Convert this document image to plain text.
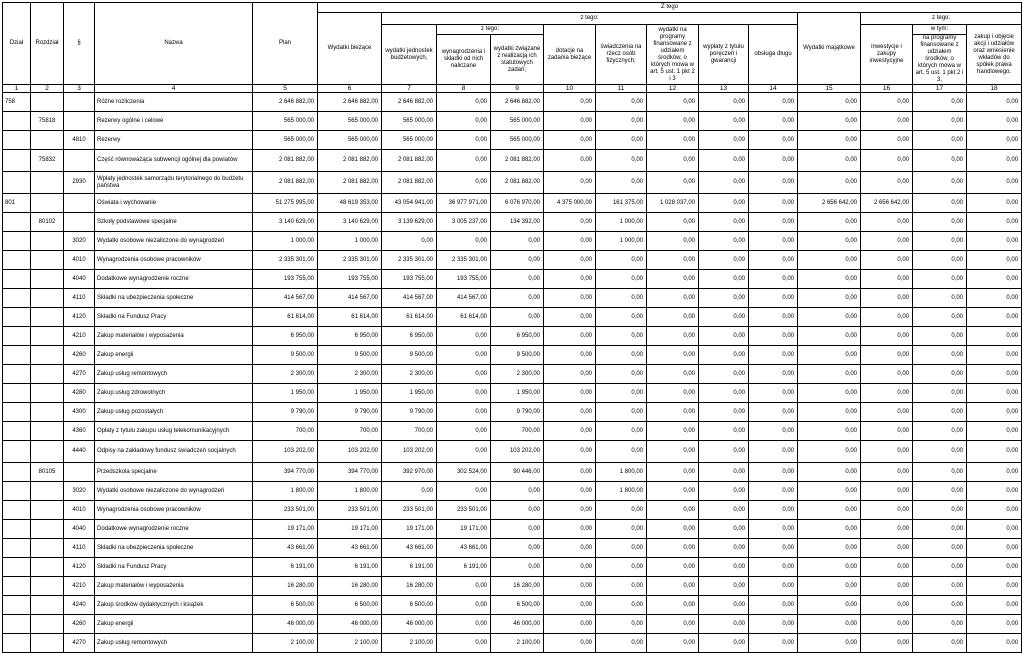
Dział	Rozdział	§	Nazwa	Plan	Z tego												
					Wydatki bieżące	z tego:								Wydatki majątkowe	z tego:		
						wydatki jednostek budżetowych,	z tego:		dotacje na zadania bieżące	świadczenia na rzecz osób fizycznych;	wydatki na programy finansowane z udziałem środków, o których mowa w art. 5 ust. 1 pkt 2 i 3	wypłaty z tytułu poręczeń i gwarancji	obsługa długu		inwestycje i zakupy inwestycyjne	w tym:	zakup i objęcie akcji i udziałów oraz wniesienie wkładów do spółek prawa handlowego.
							wynagrodzenia i składki od nich naliczane	wydatki związane z realizacją ich statutowych zadań;								na programy finansowane z udziałem środków, o których mowa w art. 5 ust. 1 pkt 2 i 3,	

1	2	3	4	5	6	7	8	9	10	11	12	13	14	15	16	17	18
758			Różne rozliczenia	2 646 882,00	2 646 882,00	2 646 882,00	0,00	2 646 882,00	0,00	0,00	0,00	0,00	0,00	0,00	0,00	0,00	0,00
	75818		Rezerwy ogólne i celowe	565 000,00	565 000,00	565 000,00	0,00	565 000,00	0,00	0,00	0,00	0,00	0,00	0,00	0,00	0,00	0,00
		4810	Rezerwy	565 000,00	565 000,00	565 000,00	0,00	565 000,00	0,00	0,00	0,00	0,00	0,00	0,00	0,00	0,00	0,00
	75832		Część równoważąca subwencji ogólnej dla powiatów	2 081 882,00	2 081 882,00	2 081 882,00	0,00	2 081 882,00	0,00	0,00	0,00	0,00	0,00	0,00	0,00	0,00	0,00
		2930	Wpłaty jednostek samorządu terytorialnego do budżetu państwa	2 081 882,00	2 081 882,00	2 081 882,00	0,00	2 081 882,00	0,00	0,00	0,00	0,00	0,00	0,00	0,00	0,00	0,00
801			Oświata i wychowanie	51 275 995,00	48 619 353,00	43 054 941,00	36 977 971,00	6 076 970,00	4 375 000,00	161 375,00	1 028 037,00	0,00	0,00	2 656 642,00	2 656 642,00	0,00	0,00
	80102		Szkoły podstawowe specjalne	3 140 629,00	3 140 629,00	3 139 629,00	3 005 237,00	134 392,00	0,00	1 000,00	0,00	0,00	0,00	0,00	0,00	0,00	0,00
		3020	Wydatki osobowe niezaliczone do wynagrodzeń	1 000,00	1 000,00	0,00	0,00	0,00	0,00	1 000,00	0,00	0,00	0,00	0,00	0,00	0,00	0,00
		4010	Wynagrodzenia osobowe pracowników	2 335 301,00	2 335 301,00	2 335 301,00	2 335 301,00	0,00	0,00	0,00	0,00	0,00	0,00	0,00	0,00	0,00	0,00
		4040	Dodatkowe wynagrodzenie roczne	193 755,00	193 755,00	193 755,00	193 755,00	0,00	0,00	0,00	0,00	0,00	0,00	0,00	0,00	0,00	0,00
		4110	Składki na ubezpieczenia społeczne	414 567,00	414 567,00	414 567,00	414 567,00	0,00	0,00	0,00	0,00	0,00	0,00	0,00	0,00	0,00	0,00
		4120	Składki na Fundusz Pracy	61 614,00	61 614,00	61 614,00	61 614,00	0,00	0,00	0,00	0,00	0,00	0,00	0,00	0,00	0,00	0,00
		4210	Zakup materiałów i wyposażenia	6 950,00	6 950,00	6 950,00	0,00	6 950,00	0,00	0,00	0,00	0,00	0,00	0,00	0,00	0,00	0,00
		4260	Zakup energii	9 500,00	9 500,00	9 500,00	0,00	9 500,00	0,00	0,00	0,00	0,00	0,00	0,00	0,00	0,00	0,00
		4270	Zakup usług remontowych	2 300,00	2 300,00	2 300,00	0,00	2 300,00	0,00	0,00	0,00	0,00	0,00	0,00	0,00	0,00	0,00
		4280	Zakup usług zdrowotnych	1 950,00	1 950,00	1 950,00	0,00	1 950,00	0,00	0,00	0,00	0,00	0,00	0,00	0,00	0,00	0,00
		4300	Zakup usług pozostałych	9 790,00	9 790,00	9 790,00	0,00	9 790,00	0,00	0,00	0,00	0,00	0,00	0,00	0,00	0,00	0,00
		4360	Opłaty z tytułu zakupu usług telekomunikacyjnych	700,00	700,00	700,00	0,00	700,00	0,00	0,00	0,00	0,00	0,00	0,00	0,00	0,00	0,00
		4440	Odpisy na zakładowy fundusz świadczeń socjalnych	103 202,00	103 202,00	103 202,00	0,00	103 202,00	0,00	0,00	0,00	0,00	0,00	0,00	0,00	0,00	0,00
	80105		Przedszkola specjalne	394 770,00	394 770,00	392 970,00	302 524,00	90 446,00	0,00	1 800,00	0,00	0,00	0,00	0,00	0,00	0,00	0,00
		3020	Wydatki osobowe niezaliczone do wynagrodzeń	1 800,00	1 800,00	0,00	0,00	0,00	0,00	1 800,00	0,00	0,00	0,00	0,00	0,00	0,00	0,00
		4010	Wynagrodzenia osobowe pracowników	233 501,00	233 501,00	233 501,00	233 501,00	0,00	0,00	0,00	0,00	0,00	0,00	0,00	0,00	0,00	0,00
		4040	Dodatkowe wynagrodzenie roczne	19 171,00	19 171,00	19 171,00	19 171,00	0,00	0,00	0,00	0,00	0,00	0,00	0,00	0,00	0,00	0,00
		4110	Składki na ubezpieczenia społeczne	43 661,00	43 661,00	43 661,00	43 661,00	0,00	0,00	0,00	0,00	0,00	0,00	0,00	0,00	0,00	0,00
		4120	Składki na Fundusz Pracy	6 191,00	6 191,00	6 191,00	6 191,00	0,00	0,00	0,00	0,00	0,00	0,00	0,00	0,00	0,00	0,00
		4210	Zakup materiałów i wyposażenia	16 280,00	16 280,00	16 280,00	0,00	16 280,00	0,00	0,00	0,00	0,00	0,00	0,00	0,00	0,00	0,00
		4240	Zakup środków dydaktycznych i książek	6 500,00	6 500,00	6 500,00	0,00	6 500,00	0,00	0,00	0,00	0,00	0,00	0,00	0,00	0,00	0,00
		4260	Zakup energii	46 000,00	46 000,00	46 000,00	0,00	46 000,00	0,00	0,00	0,00	0,00	0,00	0,00	0,00	0,00	0,00
		4270	Zakup usług remontowych	2 100,00	2 100,00	2 100,00	0,00	2 100,00	0,00	0,00	0,00	0,00	0,00	0,00	0,00	0,00	0,00
